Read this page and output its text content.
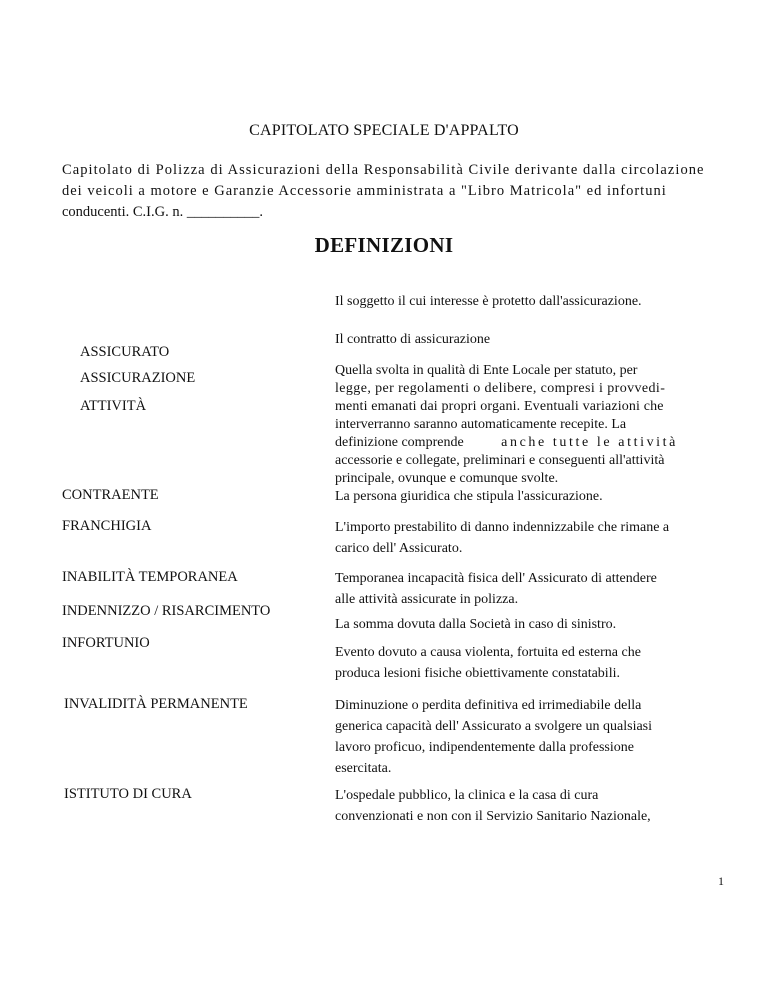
CAPITOLATO SPECIALE D'APPALTO
Capitolato di Polizza di Assicurazioni della Responsabilità Civile derivante dalla circolazione
dei veicoli a motore e Garanzie Accessorie amministrata a "Libro Matricola" ed infortuni
conducenti. C.I.G. n. __________.
DEFINIZIONI
ASSICURATO
ASSICURAZIONE
ATTIVITÀ
CONTRAENTE
FRANCHIGIA
INABILITÀ TEMPORANEA
INDENNIZZO / RISARCIMENTO
INFORTUNIO
INVALIDITÀ PERMANENTE
ISTITUTO DI CURA
Il soggetto il cui interesse è protetto dall'assicurazione.
Il contratto di assicurazione
Quella svolta in qualità di Ente Locale per statuto, per
legge, per regolamenti o delibere, compresi i provvedi-
menti emanati dai propri organi. Eventuali variazioni che
interverranno saranno automaticamente recepite. La
definizione comprende	anche tutte le attività
accessorie e collegate, preliminari e conseguenti all'attività
principale, ovunque e comunque svolte.
La persona giuridica che stipula l'assicurazione.
L'importo prestabilito di danno indennizzabile che rimane a
carico dell' Assicurato.
Temporanea incapacità fisica dell' Assicurato di attendere
alle attività assicurate in polizza.
La somma dovuta dalla Società in caso di sinistro.
Evento dovuto a causa violenta, fortuita ed esterna che
produca lesioni fisiche obiettivamente constatabili.
Diminuzione o perdita definitiva ed irrimediabile della
generica capacità dell' Assicurato a svolgere un qualsiasi
lavoro proficuo, indipendentemente dalla professione
esercitata.
L'ospedale pubblico, la clinica e la casa di cura
convenzionati e non con il Servizio Sanitario Nazionale,
1
